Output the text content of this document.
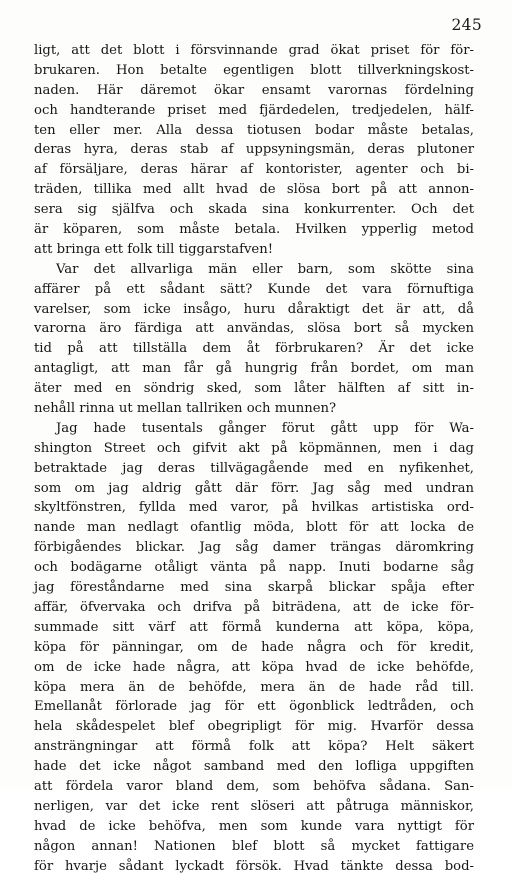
245
ligt, att det blott i försvinnande grad ökat priset för för-
brukaren. Hon betalte egentligen blott tillverkningskost-
naden. Här däremot ökar ensamt varornas fördelning
och handterande priset med fjärdedelen, tredjedelen, hälf-
ten eller mer. Alla dessa tiotusen bodar måste betalas,
deras hyra, deras stab af uppsyningsmän, deras plutoner
af försäljare, deras härar af kontorister, agenter och bi-
träden, tillika med allt hvad de slösa bort på att annon-
sera sig själfva och skada sina konkurrenter. Och det
är köparen, som måste betala. Hvilken ypperlig metod
att bringa ett folk till tiggarstafven!
Var det allvarliga män eller barn, som skötte sina
affärer på ett sådant sätt? Kunde det vara förnuftiga
varelser, som icke insågo, huru dåraktigt det är att, då
varorna äro färdiga att användas, slösa bort så mycken
tid på att tillställa dem åt förbrukaren? Är det icke
antagligt, att man får gå hungrig från bordet, om man
äter med en söndrig sked, som låter hälften af sitt in-
nehåll rinna ut mellan tallriken och munnen?
Jag hade tusentals gånger förut gått upp för Wa-
shington Street och gifvit akt på köpmännen, men i dag
betraktade jag deras tillvägagående med en nyfikenhet,
som om jag aldrig gått där förr. Jag såg med undran
skyltfönstren, fyllda med varor, på hvilkas artistiska ord-
nande man nedlagt ofantlig möda, blott för att locka de
förbigåendes blickar. Jag såg damer trängas däromkring
och bodägarne otåligt vänta på napp. Inuti bodarne såg
jag föreståndarne med sina skarpå blickar spåja efter
affär, öfvervaka och drifva på biträdena, att de icke för-
summade sitt värf att förmå kunderna att köpa, köpa,
köpa för pänningar, om de hade några och för kredit,
om de icke hade några, att köpa hvad de icke behöfde,
köpa mera än de behöfde, mera än de hade råd till.
Emellanåt förlorade jag för ett ögonblick ledtråden, och
hela skådespelet blef obegripligt för mig. Hvarför dessa
ansträngningar att förmå folk att köpa? Helt säkert
hade det icke något samband med den lofliga uppgiften
att fördela varor bland dem, som behöfva sådana. San-
nerligen, var det icke rent slöseri att påtruga människor,
hvad de icke behöfva, men som kunde vara nyttigt för
någon annan! Nationen blef blott så mycket fattigare
för hvarje sådant lyckadt försök. Hvad tänkte dessa bod-
